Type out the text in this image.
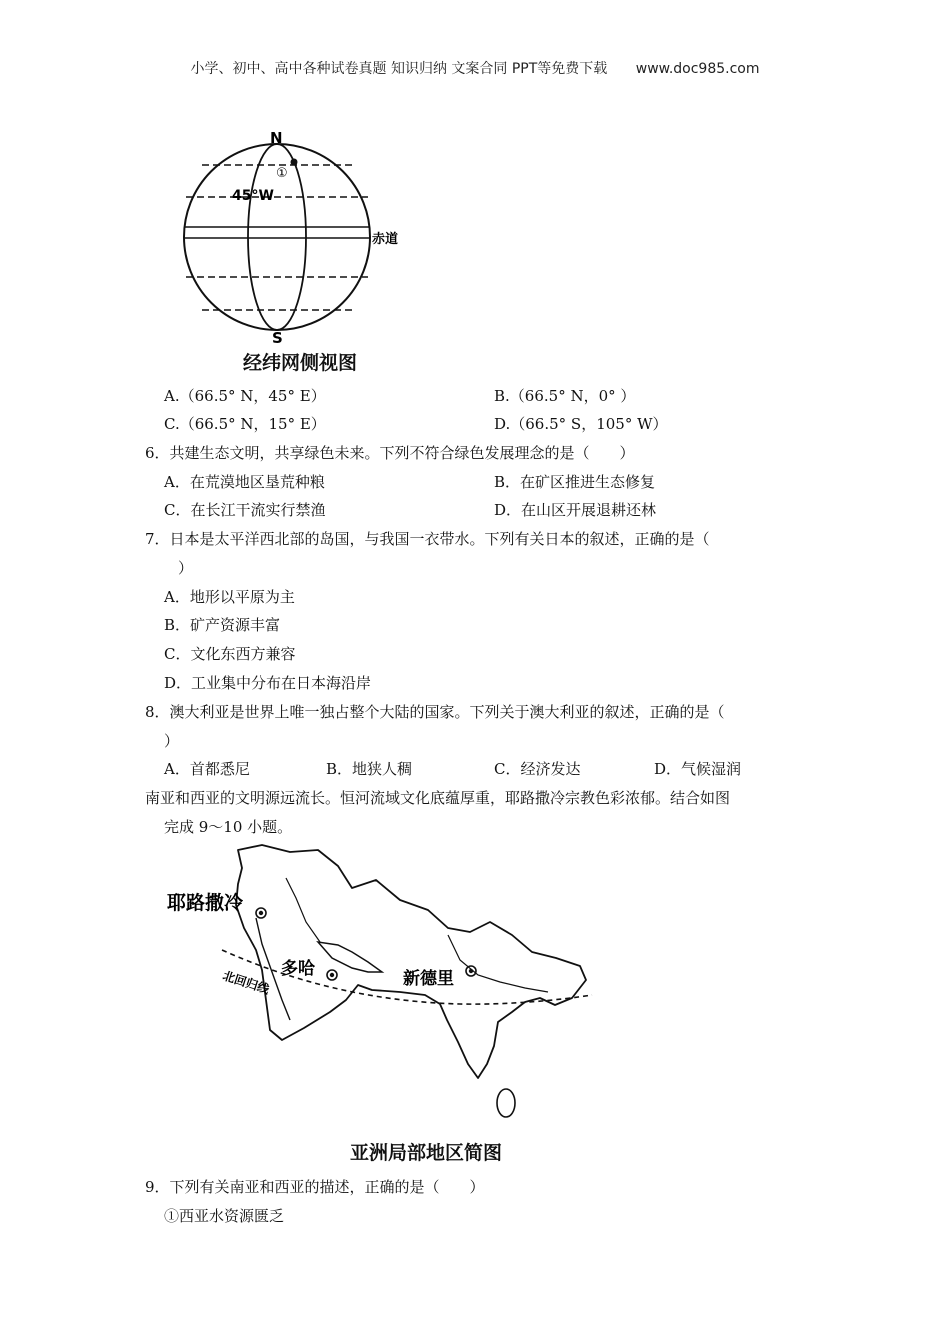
小学、初中、高中各种试卷真题 知识归纳 文案合同 PPT等免费下载 www.doc985.com
N
S
①
45°W
赤道
经纬网侧视图
A.（66.5° N，45° E）	B.（66.5° N，0° ）
C.（66.5° N，15° E）	D.（66.5° S，105° W）
6．共建生态文明，共享绿色未来。下列不符合绿色发展理念的是（　　）
A．在荒漠地区垦荒种粮	B．在矿区推进生态修复
C．在长江干流实行禁渔	D．在山区开展退耕还林
7．日本是太平洋西北部的岛国，与我国一衣带水。下列有关日本的叙述，正确的是（
）
A．地形以平原为主
B．矿产资源丰富
C．文化东西方兼容
D．工业集中分布在日本海沿岸
8．澳大利亚是世界上唯一独占整个大陆的国家。下列关于澳大利亚的叙述，正确的是（
）
A．首都悉尼	B．地狭人稠	C．经济发达	D．气候湿润
南亚和西亚的文明源远流长。恒河流域文化底蕴厚重，耶路撒冷宗教色彩浓郁。结合如图
完成 9～10 小题。
耶路撒冷
多哈	新德里
北回归线
亚洲局部地区简图
9．下列有关南亚和西亚的描述，正确的是（　　）
①西亚水资源匮乏
